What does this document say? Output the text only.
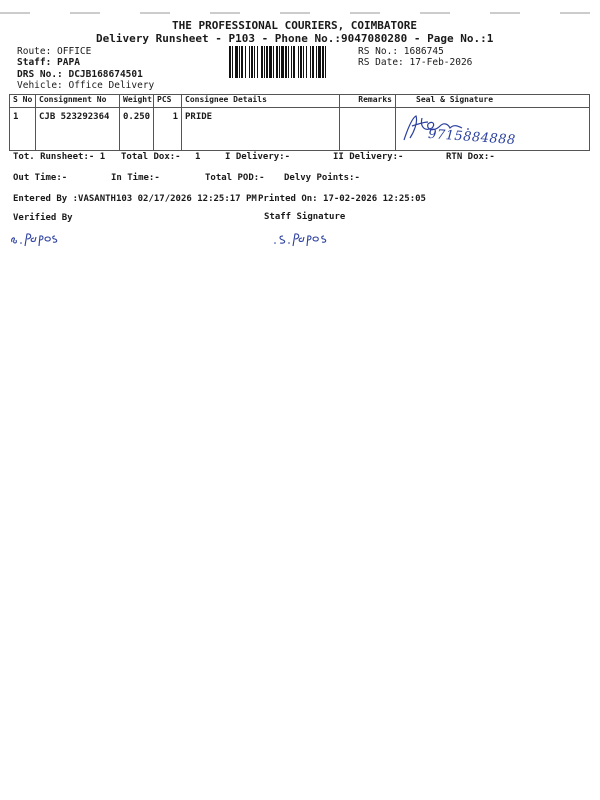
THE PROFESSIONAL COURIERS, COIMBATORE
Delivery Runsheet - P103 - Phone No.:9047080280 - Page No.:1
Route: OFFICE
Staff: PAPA
DRS No.: DCJB168674501
Vehicle: Office Delivery
RS No.: 1686745
RS Date: 17-Feb-2026
S No	Consignment No	Weight	PCS	Consignee Details	Remarks	Seal & Signature
1	CJB 523292364	0.250	1	PRIDE		
9715884888
Tot. Runsheet:- 1 Total Dox:- 1	I Delivery:-	II Delivery:-	RTN Dox:-
Out Time:-	In Time:-	Total POD:- Delvy Points:-
Entered By :VASANTH103 02/17/2026 12:25:17 PM Printed On: 17-02-2026 12:25:05
Verified By	Staff Signature
